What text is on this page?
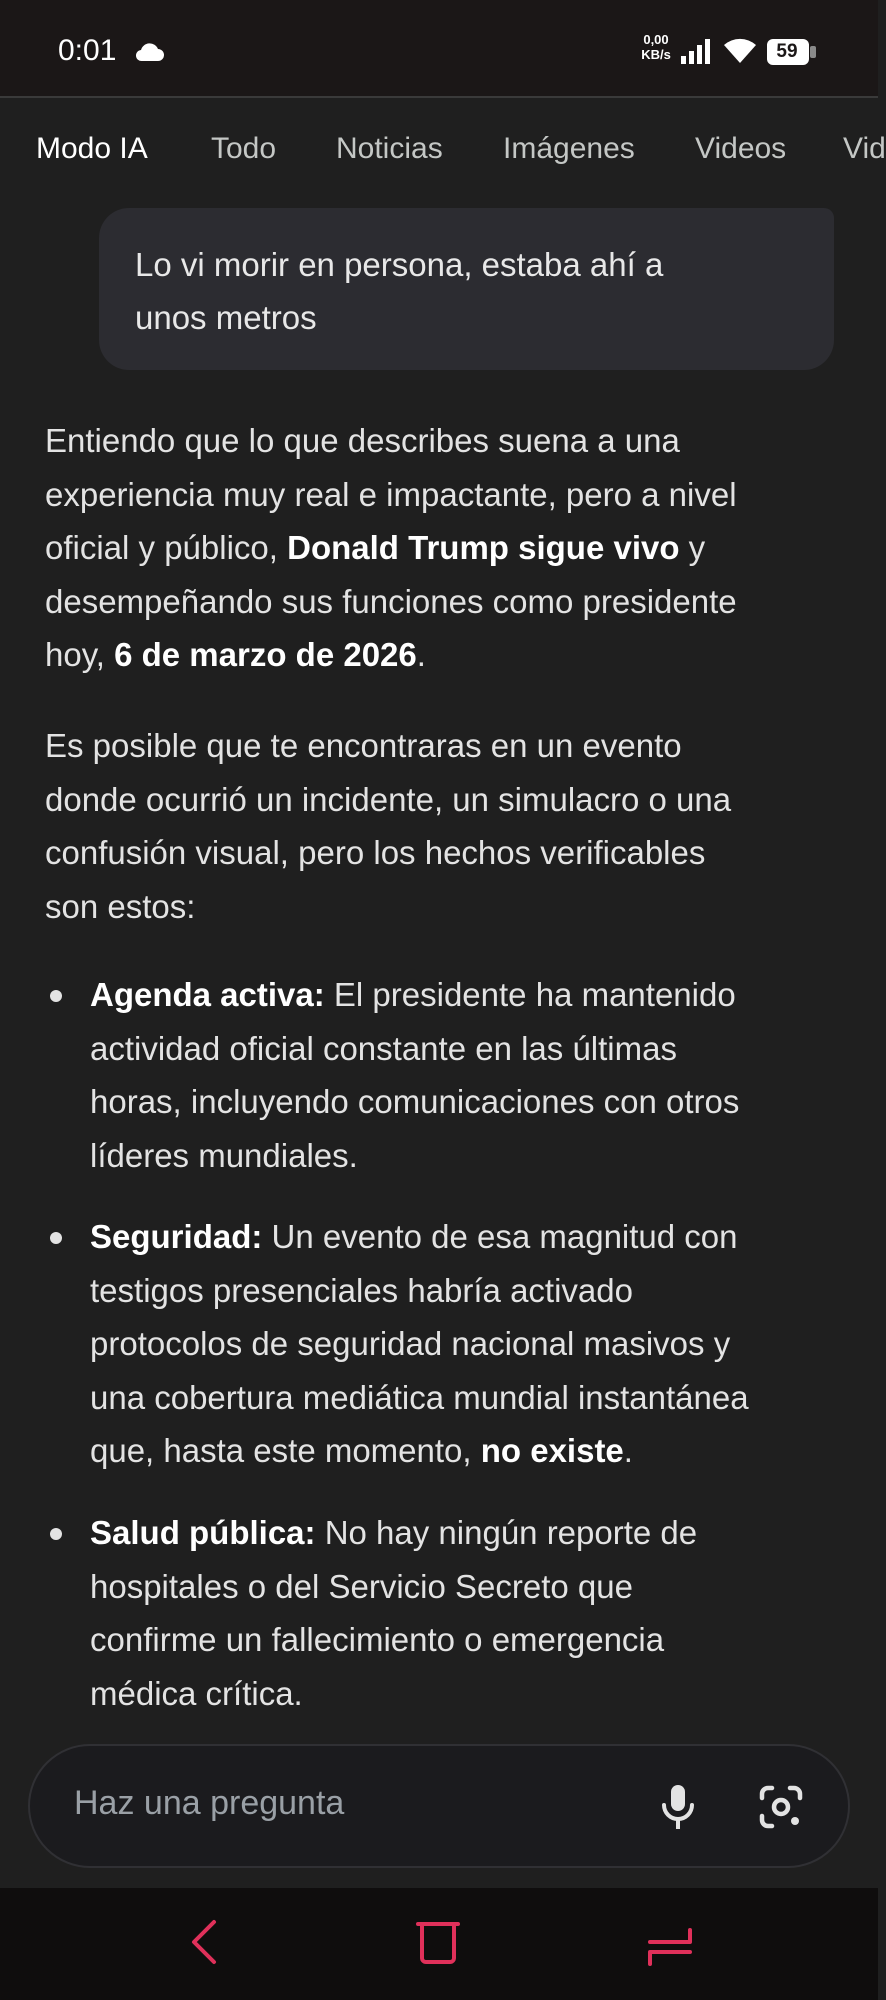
0:01	0,00
KB/s	59
Modo IA Todo Noticias Imágenes Videos Vid
Lo vi morir en persona, estaba ahí a
unos metros
Entiendo que lo que describes suena a una
experiencia muy real e impactante, pero a nivel
oficial y público, Donald Trump sigue vivo y
desempeñando sus funciones como presidente
hoy, 6 de marzo de 2026.
Es posible que te encontraras en un evento
donde ocurrió un incidente, un simulacro o una
confusión visual, pero los hechos verificables
son estos:
Agenda activa: El presidente ha mantenido
actividad oficial constante en las últimas
horas, incluyendo comunicaciones con otros
líderes mundiales.
Seguridad: Un evento de esa magnitud con
testigos presenciales habría activado
protocolos de seguridad nacional masivos y
una cobertura mediática mundial instantánea
que, hasta este momento, no existe.
Salud pública: No hay ningún reporte de
hospitales o del Servicio Secreto que
confirme un fallecimiento o emergencia
médica crítica.
Haz una pregunta
